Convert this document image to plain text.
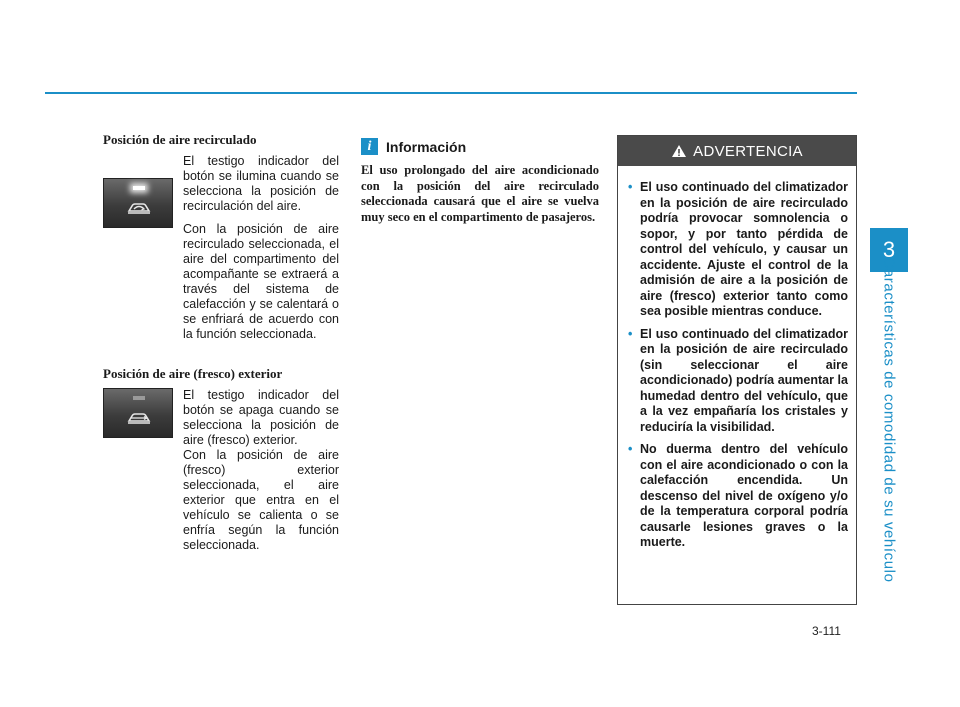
3
Características de comodidad de su vehículo
Posición de aire recirculado

El testigo indicador del botón se ilumina cuando se selecciona la posición de recirculación del aire.

Con la posición de aire recirculado seleccionada, el aire del compartimento del acompañante se extraerá a través del sistema de calefacción y se calentará o se enfriará de acuerdo con la función seleccionada.

Posición de aire (fresco) exterior

El testigo indicador del botón se apaga cuando se selecciona la posición de aire (fresco) exterior.

Con la posición de aire (fresco) exterior seleccionada, el aire exterior que entra en el vehículo se calienta o se enfría según la función seleccionada.

i	Información

El uso prolongado del aire acondicionado con la posición del aire recirculado seleccionada causará que el aire se vuelva muy seco en el compartimento de pasajeros.

ADVERTENCIA
• El uso continuado del climatizador en la posición de aire recirculado podría provocar somnolencia o sopor, y por tanto pérdida de control del vehículo, y causar un accidente. Ajuste el control de la admisión de aire a la posición de aire (fresco) exterior tanto como sea posible mientras conduce.
• El uso continuado del climatizador en la posición de aire recirculado (sin seleccionar el aire acondicionado) podría aumentar la humedad dentro del vehículo, que a la vez empañaría los cristales y reduciría la visibilidad.
• No duerma dentro del vehículo con el aire acondicionado o con la calefacción encendida. Un descenso del nivel de oxígeno y/o de la temperatura corporal podría causarle lesiones graves o la muerte.
3-111
